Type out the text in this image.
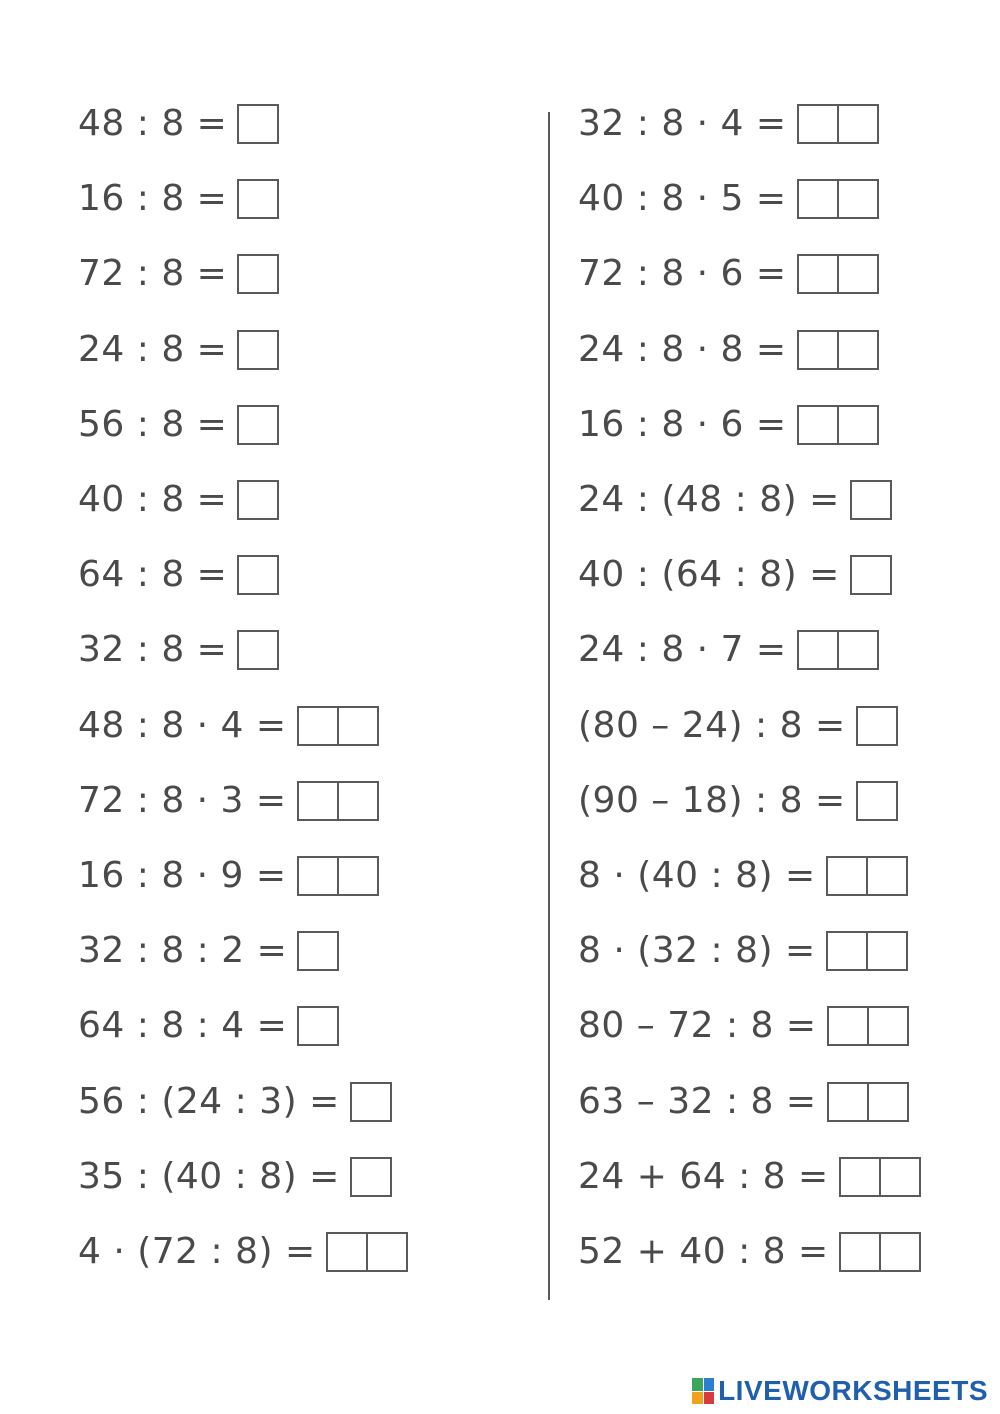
48 : 8 =
16 : 8 =
72 : 8 =
24 : 8 =
56 : 8 =
40 : 8 =
64 : 8 =
32 : 8 =
48 : 8 · 4 =
72 : 8 · 3 =
16 : 8 · 9 =
32 : 8 : 2 =
64 : 8 : 4 =
56 : (24 : 3) =
35 : (40 : 8) =
4 · (72 : 8) =
32 : 8 · 4 =
40 : 8 · 5 =
72 : 8 · 6 =
24 : 8 · 8 =
16 : 8 · 6 =
24 : (48 : 8) =
40 : (64 : 8) =
24 : 8 · 7 =
(80 – 24) : 8 =
(90 – 18) : 8 =
8 · (40 : 8) =
8 · (32 : 8) =
80 – 72 : 8 =
63 – 32 : 8 =
24 + 64 : 8 =
52 + 40 : 8 =
LIVEWORKSHEETS
